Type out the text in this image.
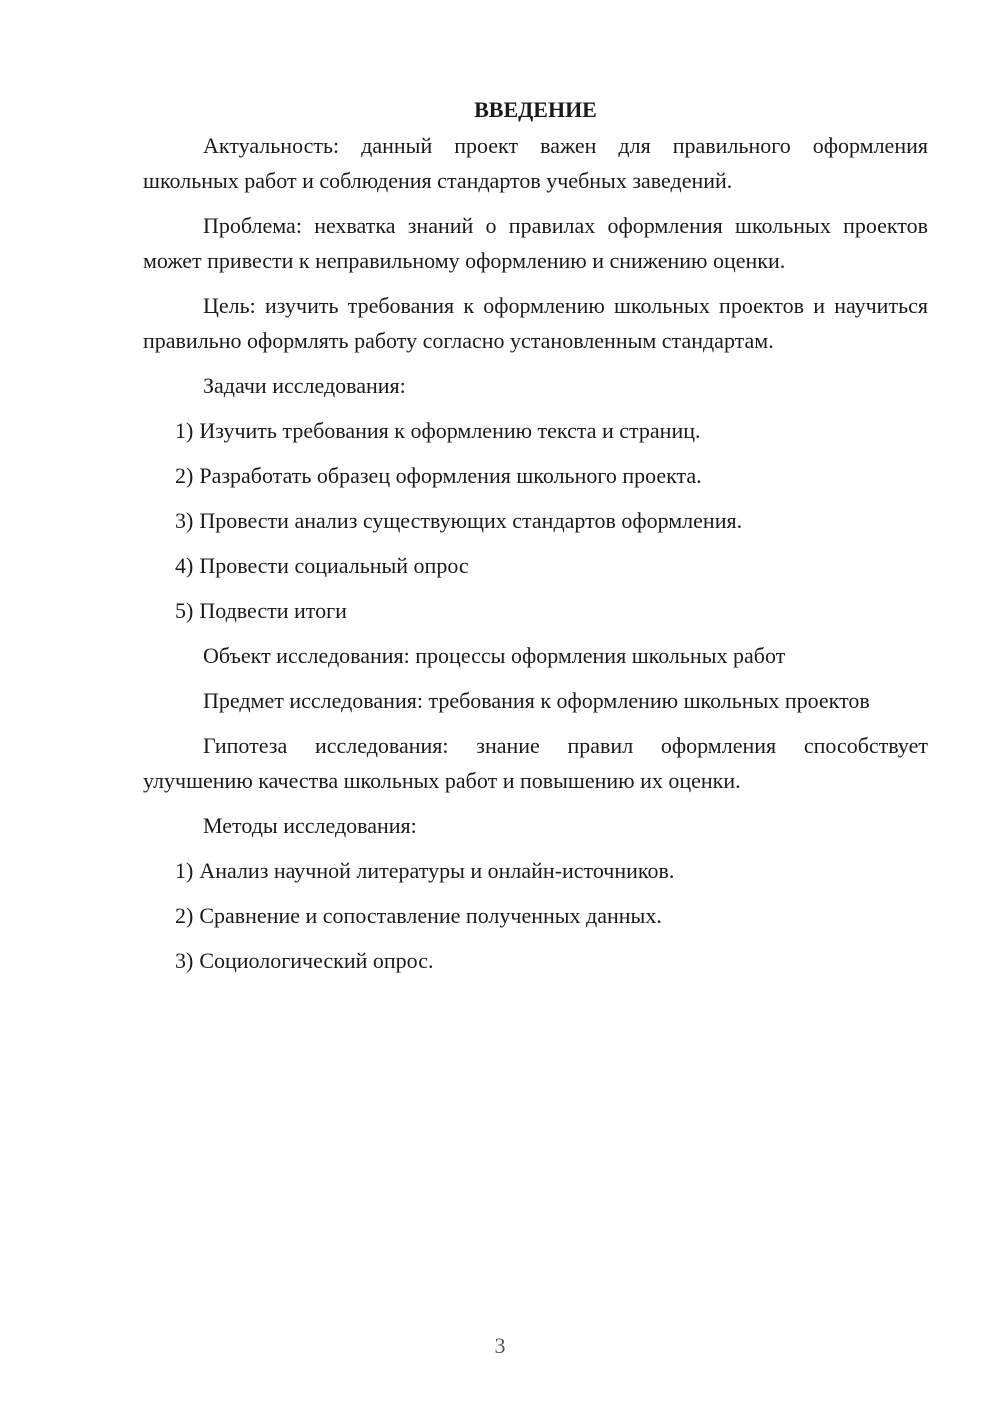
ВВЕДЕНИЕ

Актуальность: данный проект важен для правильного оформления школьных работ и соблюдения стандартов учебных заведений.

Проблема: нехватка знаний о правилах оформления школьных проектов может привести к неправильному оформлению и снижению оценки.

Цель: изучить требования к оформлению школьных проектов и научиться правильно оформлять работу согласно установленным стандартам.

Задачи исследования:

1) Изучить требования к оформлению текста и страниц.
2) Разработать образец оформления школьного проекта.
3) Провести анализ существующих стандартов оформления.
4) Провести социальный опрос
5) Подвести итоги

Объект исследования: процессы оформления школьных работ

Предмет исследования: требования к оформлению школьных проектов

Гипотеза исследования: знание правил оформления способствует улучшению качества школьных работ и повышению их оценки.

Методы исследования:

1) Анализ научной литературы и онлайн-источников.
2) Сравнение и сопоставление полученных данных.
3) Социологический опрос.
3
